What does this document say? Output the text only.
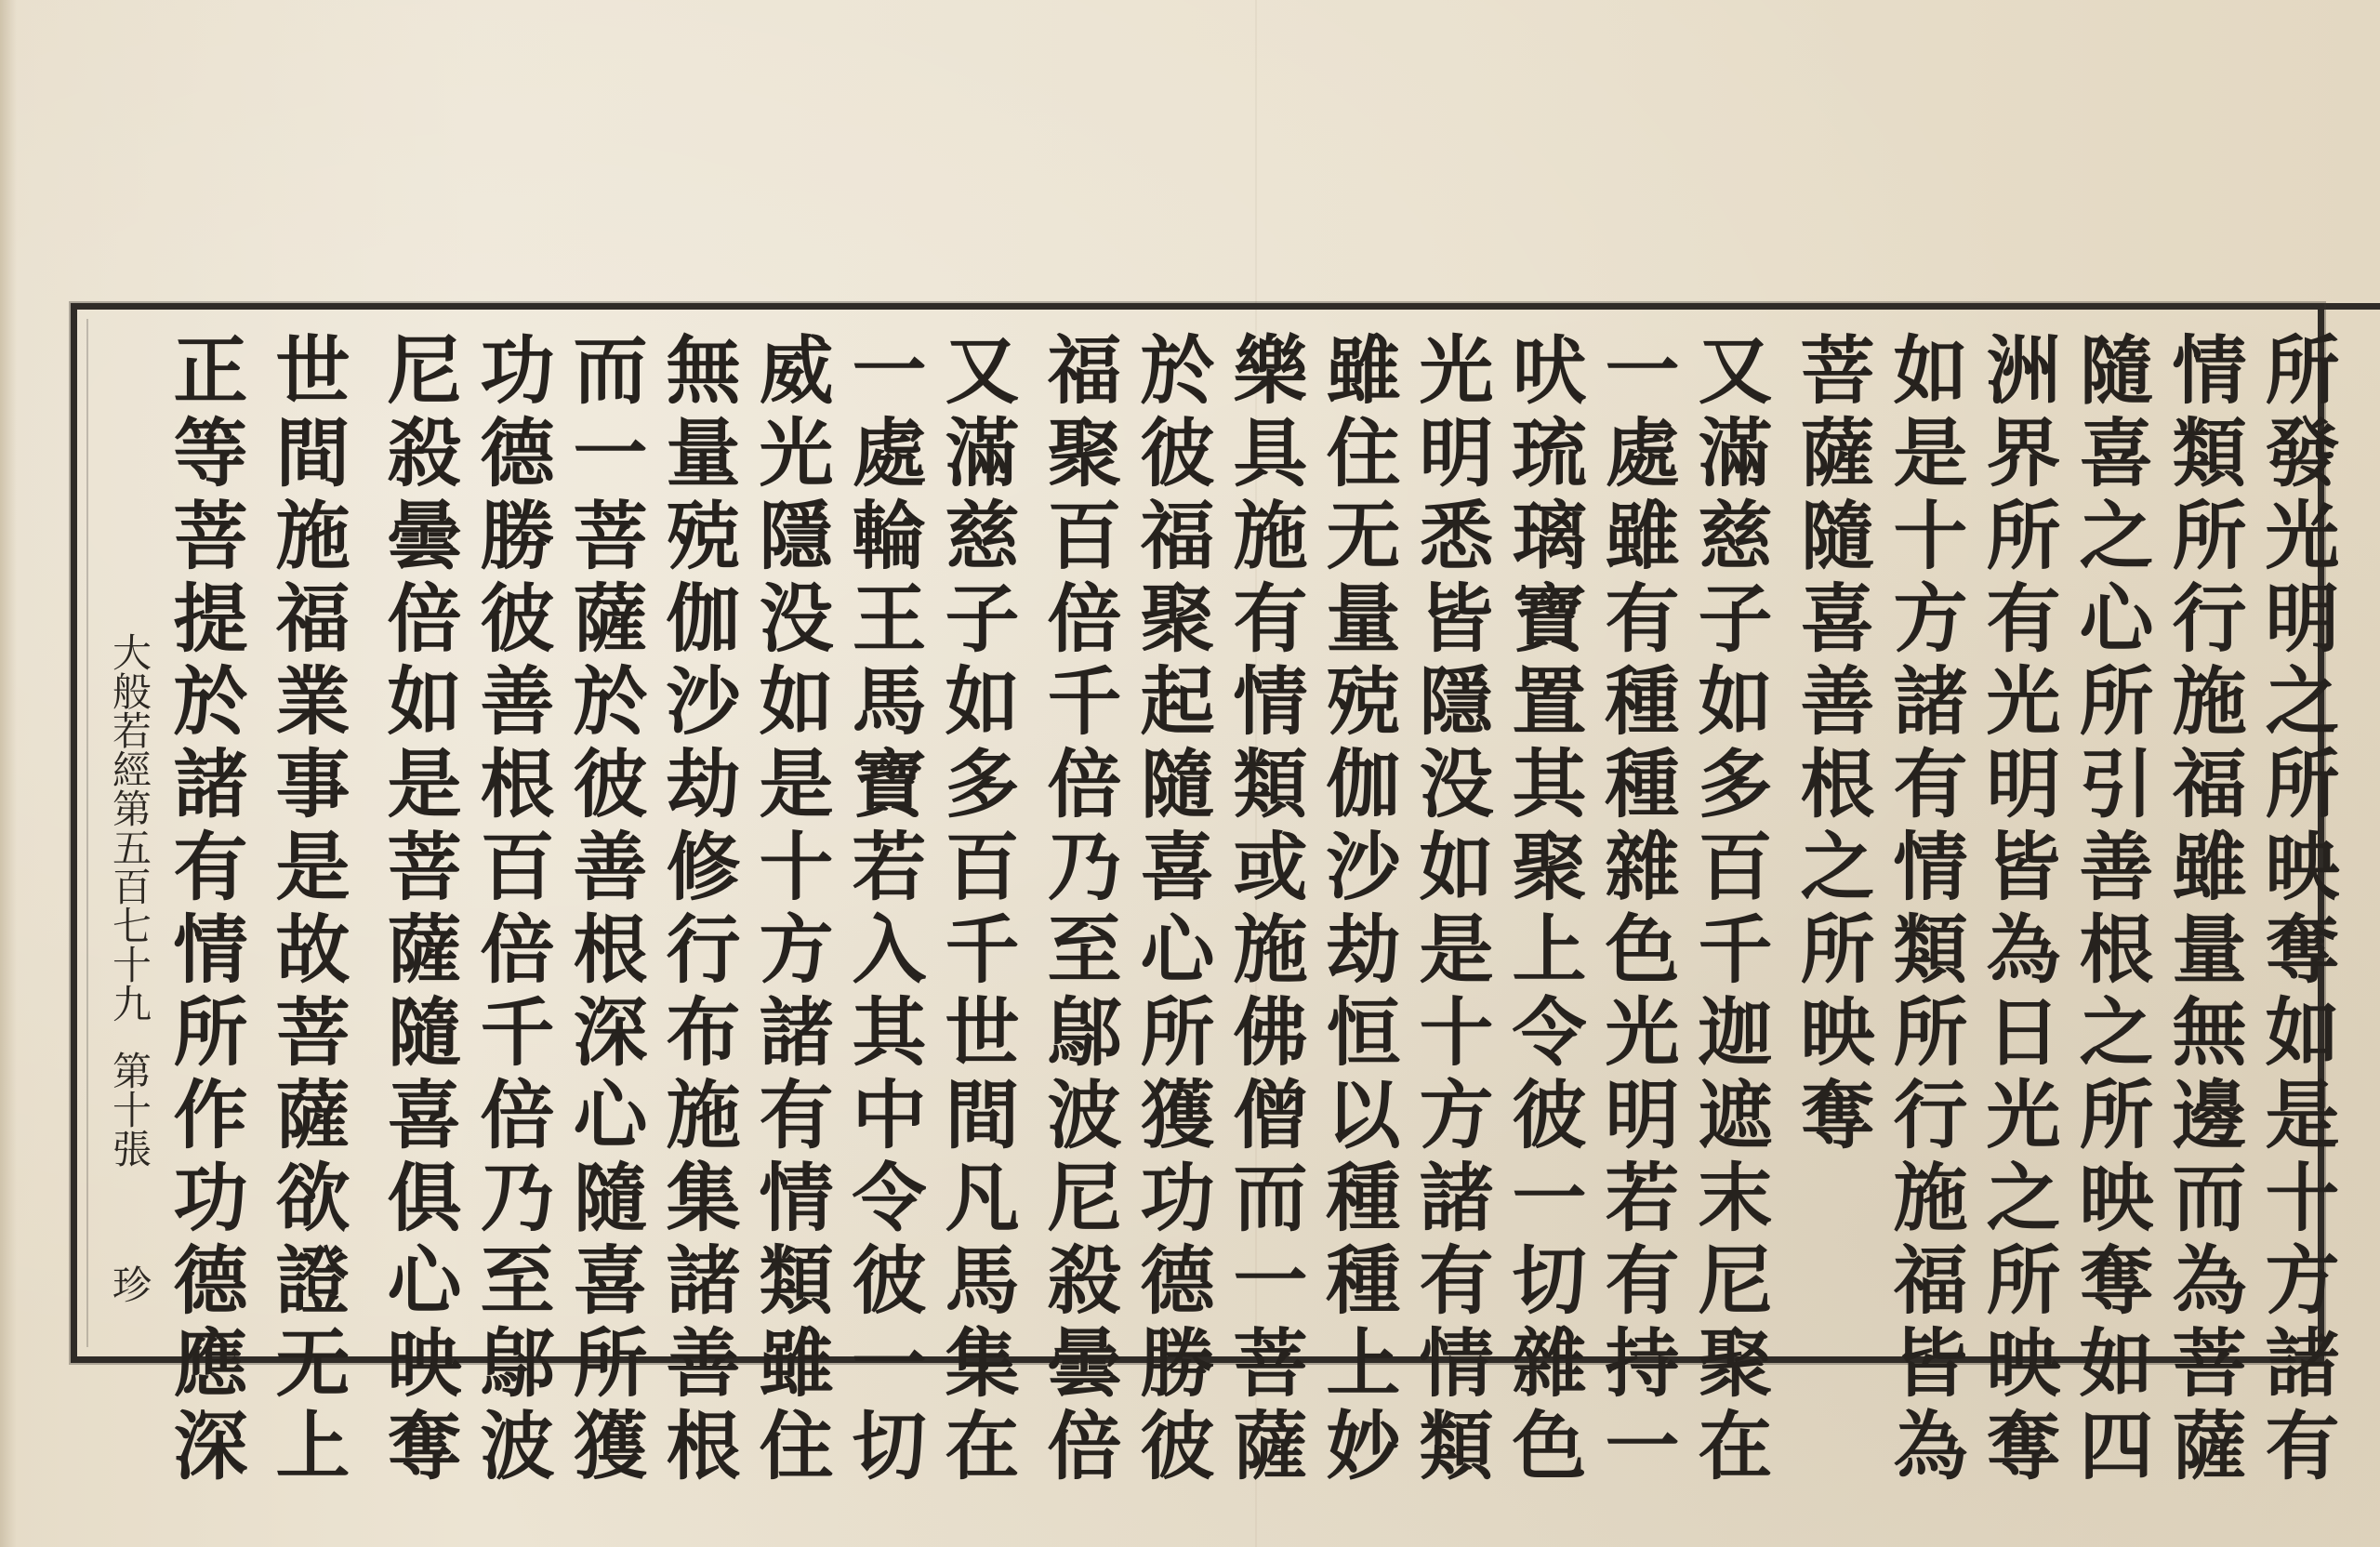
所發光明之所映奪如是十方諸有
情類所行施福雖量無邊而為菩薩
隨喜之心所引善根之所映奪如四
洲界所有光明皆為日光之所映奪
如是十方諸有情類所行施福皆為
菩薩隨喜善根之所映奪
又滿慈子如多百千迦遮末尼聚在
一處雖有種種雜色光明若有持一
吠琉璃寶置其聚上令彼一切雜色
光明悉皆隱没如是十方諸有情類
雖住无量殑伽沙劫恒以種種上妙
樂具施有情類或施佛僧而一菩薩
於彼福聚起隨喜心所獲功德勝彼
福聚百倍千倍乃至鄔波尼殺曇倍
又滿慈子如多百千世間凡馬集在
一處輪王馬寶若入其中令彼一切
威光隱没如是十方諸有情類雖住
無量殑伽沙劫修行布施集諸善根
而一菩薩於彼善根深心隨喜所獲
功德勝彼善根百倍千倍乃至鄔波
尼殺曇倍如是菩薩隨喜俱心映奪
世間施福業事是故菩薩欲證无上
正等菩提於諸有情所作功德應深
大般若經第五百七十九
第十張
珍
